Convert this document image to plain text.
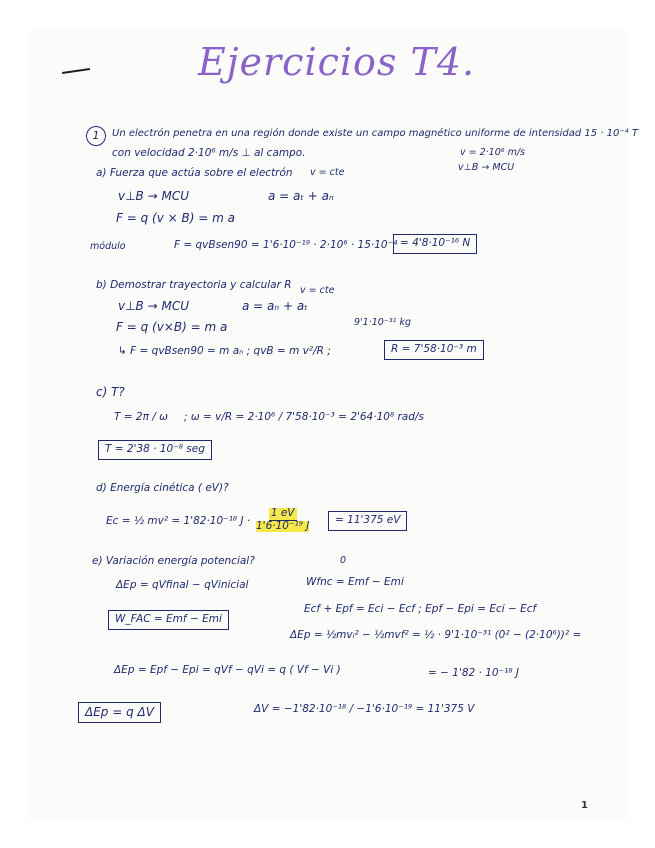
· · · · · · · ·
· · · · · ·
Ejercicios T4.
1	Un electrón penetra en una región donde existe un campo magnético uniforme de intensidad 15 · 10⁻⁴ T
con velocidad 2·10⁶ m/s ⊥ al campo.	v = 2·10⁶ m/s
v⊥B → MCU
a) Fuerza que actúa sobre el electrón v = cte
v⊥B → MCU	a = aₜ + aₙ
F = q (v × B) = m a
módulo	F = qvBsen90 = 1'6·10⁻¹⁹ · 2·10⁶ · 15·10⁻⁴ = 4'8·10⁻¹⁶ N
b) Demostrar trayectoria y calcular R v = cte
v⊥B → MCU	a = aₙ + aₜ
F = q (v×B) = m a	9'1·10⁻³¹ kg
↳ F = qvBsen90 = m aₙ ; qvB = m v²/R ;	R = 7'58·10⁻³ m
c) T?
T = 2π / ω ; ω = v/R = 2·10⁶ / 7'58·10⁻³ = 2'64·10⁸ rad/s
T = 2'38 · 10⁻⁸ seg
d) Energía cinética ( eV)?
Ec = ½ mv² = 1'82·10⁻¹⁸ $J \cdot \frac{1 eV}{\text{1'6·10⁻¹⁹ J}}$	= 11'375 eV
e) Variación energía potencial?	0
ΔEp = qVfinal − qVinicial	Wfnc = Emf − Emi
W_FAC = Emf − Emi
Ecf + Epf = Eci − Ecf ; Epf − Epi = Eci − Ecf
ΔEp = ½mvᵢ² − ½mvf² = ½ · 9'1·10⁻³¹ (0² − (2·10⁶))² =
ΔEp = Epf − Epi = qVf − qVi = q ( Vf − Vi )	= − 1'82 · 10⁻¹⁸ J
ΔEp = q ΔV	ΔV = −1'82·10⁻¹⁸ / −1'6·10⁻¹⁹ = 11'375 V
1
